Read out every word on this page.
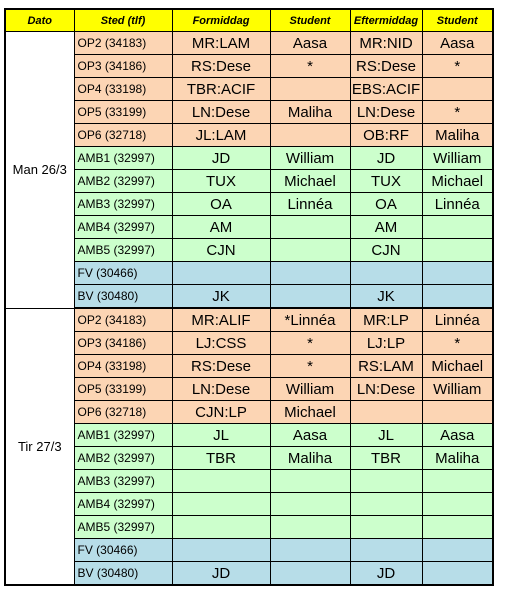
Dato	Sted (tlf)	Formiddag	Student	Eftermiddag	Student
Man 26/3	OP2 (34183)	MR:LAM	Aasa	MR:NID	Aasa
	OP3 (34186)	RS:Dese	*	RS:Dese	*
	OP4 (33198)	TBR:ACIF		EBS:ACIF	
	OP5 (33199)	LN:Dese	Maliha	LN:Dese	*
	OP6 (32718)	JL:LAM		OB:RF	Maliha
	AMB1 (32997)	JD	William	JD	William
	AMB2 (32997)	TUX	Michael	TUX	Michael
	AMB3 (32997)	OA	Linnéa	OA	Linnéa
	AMB4 (32997)	AM		AM	
	AMB5 (32997)	CJN		CJN	
	FV (30466)				
	BV (30480)	JK		JK	
Tir 27/3	OP2 (34183)	MR:ALIF	*Linnéa	MR:LP	Linnéa
	OP3 (34186)	LJ:CSS	*	LJ:LP	*
	OP4 (33198)	RS:Dese	*	RS:LAM	Michael
	OP5 (33199)	LN:Dese	William	LN:Dese	William
	OP6 (32718)	CJN:LP	Michael		
	AMB1 (32997)	JL	Aasa	JL	Aasa
	AMB2 (32997)	TBR	Maliha	TBR	Maliha
	AMB3 (32997)				
	AMB4 (32997)				
	AMB5 (32997)				
	FV (30466)				
	BV (30480)	JD		JD	
